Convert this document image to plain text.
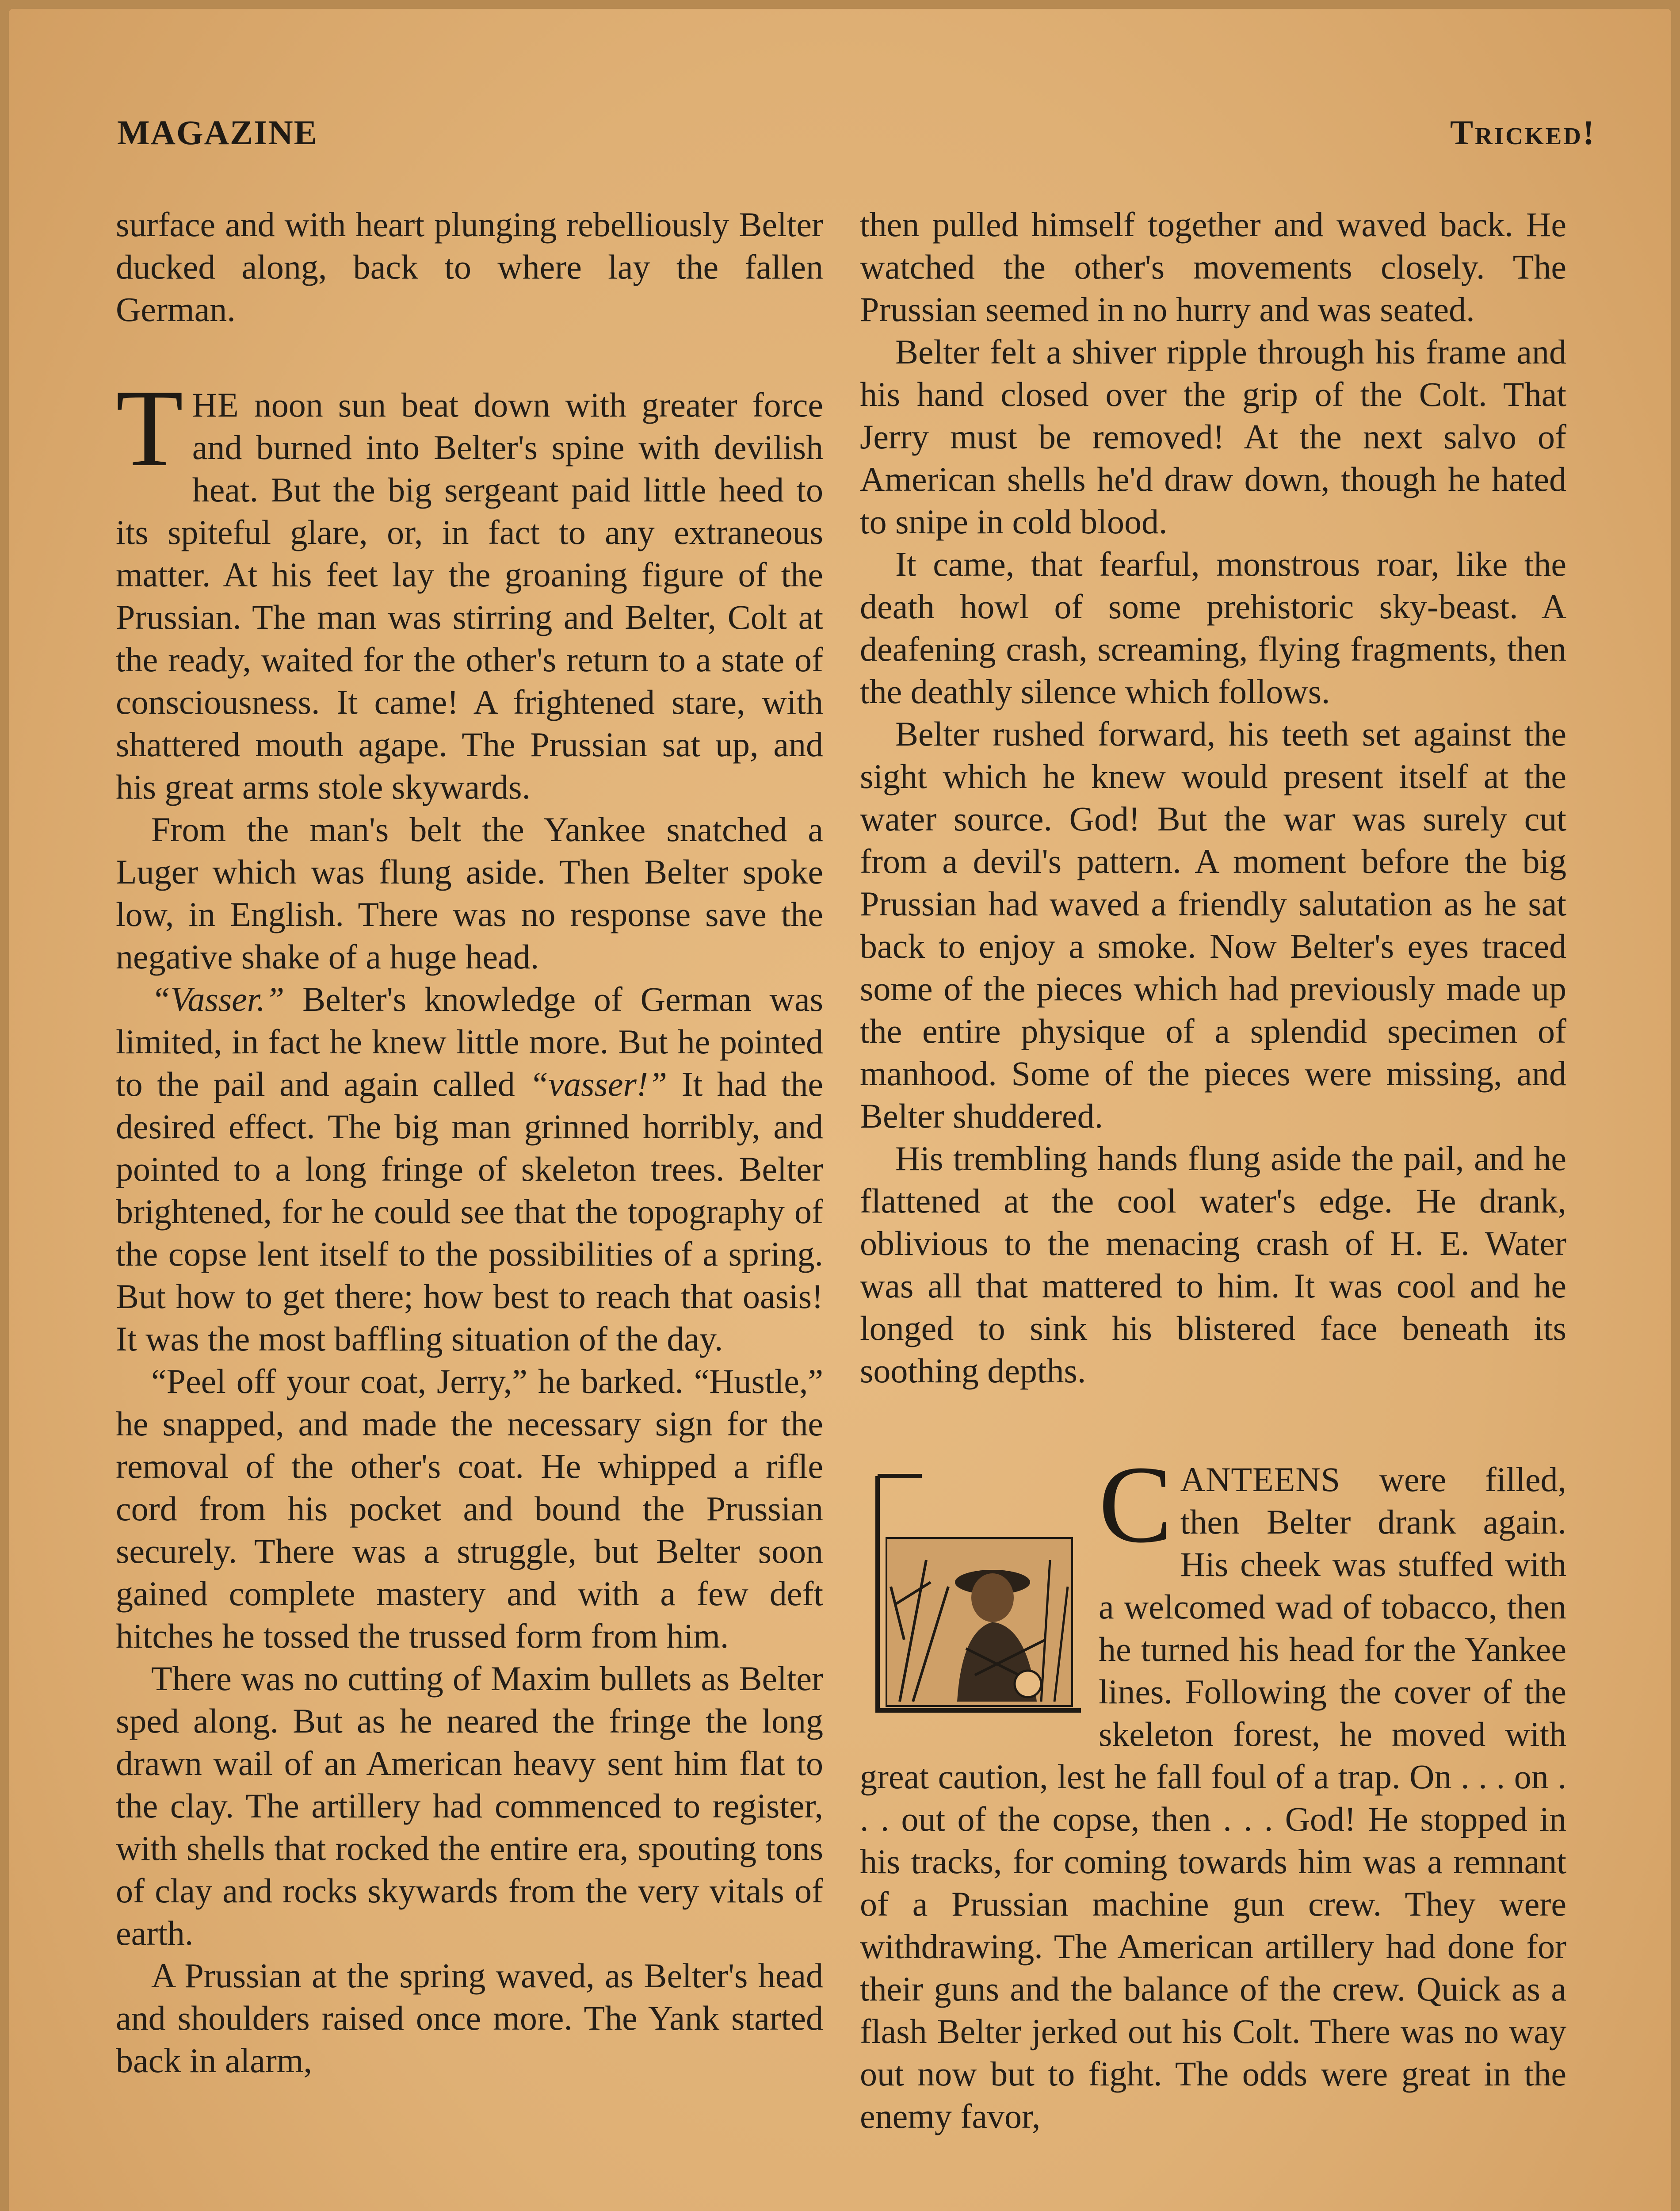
MAGAZINE	Tricked!

surface and with heart plunging rebelliously Belter ducked along, back to where lay the fallen German.

THE noon sun beat down with greater force and burned into Belter's spine with devilish heat. But the big sergeant paid little heed to its spiteful glare, or, in fact to any extraneous matter. At his feet lay the groaning figure of the Prussian. The man was stirring and Belter, Colt at the ready, waited for the other's return to a state of consciousness. It came! A frightened stare, with shattered mouth agape. The Prussian sat up, and his great arms stole skywards.

From the man's belt the Yankee snatched a Luger which was flung aside. Then Belter spoke low, in English. There was no response save the negative shake of a huge head.

“Vasser.” Belter's knowledge of German was limited, in fact he knew little more. But he pointed to the pail and again called “vasser!” It had the desired effect. The big man grinned horribly, and pointed to a long fringe of skeleton trees. Belter brightened, for he could see that the topography of the copse lent itself to the possibilities of a spring. But how to get there; how best to reach that oasis! It was the most baffling situation of the day.

“Peel off your coat, Jerry,” he barked. “Hustle,” he snapped, and made the necessary sign for the removal of the other's coat. He whipped a rifle cord from his pocket and bound the Prussian securely. There was a struggle, but Belter soon gained complete mastery and with a few deft hitches he tossed the trussed form from him.

There was no cutting of Maxim bullets as Belter sped along. But as he neared the fringe the long drawn wail of an American heavy sent him flat to the clay. The artillery had commenced to register, with shells that rocked the entire era, spouting tons of clay and rocks skywards from the very vitals of earth.

A Prussian at the spring waved, as Belter's head and shoulders raised once more. The Yank started back in alarm,

then pulled himself together and waved back. He watched the other's movements closely. The Prussian seemed in no hurry and was seated.

Belter felt a shiver ripple through his frame and his hand closed over the grip of the Colt. That Jerry must be removed! At the next salvo of American shells he'd draw down, though he hated to snipe in cold blood.

It came, that fearful, monstrous roar, like the death howl of some prehistoric sky-beast. A deafening crash, screaming, flying fragments, then the deathly silence which follows.

Belter rushed forward, his teeth set against the sight which he knew would present itself at the water source. God! But the war was surely cut from a devil's pattern. A moment before the big Prussian had waved a friendly salutation as he sat back to enjoy a smoke. Now Belter's eyes traced some of the pieces which had previously made up the entire physique of a splendid specimen of manhood. Some of the pieces were missing, and Belter shuddered.

His trembling hands flung aside the pail, and he flattened at the cool water's edge. He drank, oblivious to the menacing crash of H. E. Water was all that mattered to him. It was cool and he longed to sink his blistered face beneath its soothing depths.

CANTEENS were filled, then Belter drank again. His cheek was stuffed with a welcomed wad of tobacco, then he turned his head for the Yankee lines. Following the cover of the skeleton forest, he moved with great caution, lest he fall foul of a trap. On . . . on . . . out of the copse, then . . . God! He stopped in his tracks, for coming towards him was a remnant of a Prussian machine gun crew. They were withdrawing. The American artillery had done for their guns and the balance of the crew. Quick as a flash Belter jerked out his Colt. There was no way out now but to fight. The odds were great in the enemy favor,
